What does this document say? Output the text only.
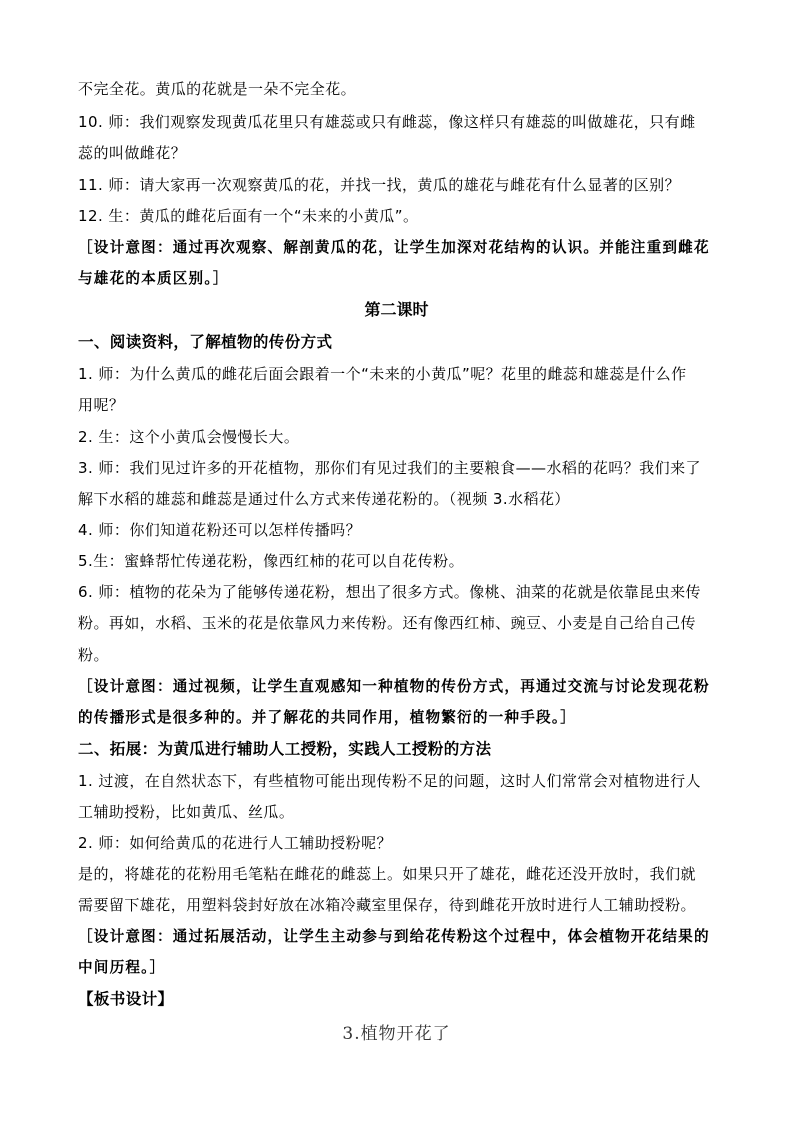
不完全花。黄瓜的花就是一朵不完全花。
10. 师：我们观察发现黄瓜花里只有雄蕊或只有雌蕊，像这样只有雄蕊的叫做雄花，只有雌
蕊的叫做雌花？
11. 师：请大家再一次观察黄瓜的花，并找一找，黄瓜的雄花与雌花有什么显著的区别？
12. 生：黄瓜的雌花后面有一个“未来的小黄瓜”。
［设计意图：通过再次观察、解剖黄瓜的花，让学生加深对花结构的认识。并能注重到雌花
与雄花的本质区别。］
第二课时
一、阅读资料，了解植物的传份方式
1. 师：为什么黄瓜的雌花后面会跟着一个“未来的小黄瓜”呢？花里的雌蕊和雄蕊是什么作
用呢？
2. 生：这个小黄瓜会慢慢长大。
3. 师：我们见过许多的开花植物，那你们有见过我们的主要粮食——水稻的花吗？我们来了
解下水稻的雄蕊和雌蕊是通过什么方式来传递花粉的。（视频 3.水稻花）
4. 师：你们知道花粉还可以怎样传播吗？
5.生：蜜蜂帮忙传递花粉，像西红柿的花可以自花传粉。
6. 师：植物的花朵为了能够传递花粉，想出了很多方式。像桃、油菜的花就是依靠昆虫来传
粉。再如，水稻、玉米的花是依靠风力来传粉。还有像西红柿、豌豆、小麦是自己给自己传
粉。
［设计意图：通过视频，让学生直观感知一种植物的传份方式，再通过交流与讨论发现花粉
的传播形式是很多种的。并了解花的共同作用，植物繁衍的一种手段。］
二、拓展：为黄瓜进行辅助人工授粉，实践人工授粉的方法
1. 过渡，在自然状态下，有些植物可能出现传粉不足的问题，这时人们常常会对植物进行人
工辅助授粉，比如黄瓜、丝瓜。
2. 师：如何给黄瓜的花进行人工辅助授粉呢？
是的，将雄花的花粉用毛笔粘在雌花的雌蕊上。如果只开了雄花，雌花还没开放时，我们就
需要留下雄花，用塑料袋封好放在冰箱冷藏室里保存，待到雌花开放时进行人工辅助授粉。
［设计意图：通过拓展活动，让学生主动参与到给花传粉这个过程中，体会植物开花结果的
中间历程。］
【板书设计】
3.植物开花了
